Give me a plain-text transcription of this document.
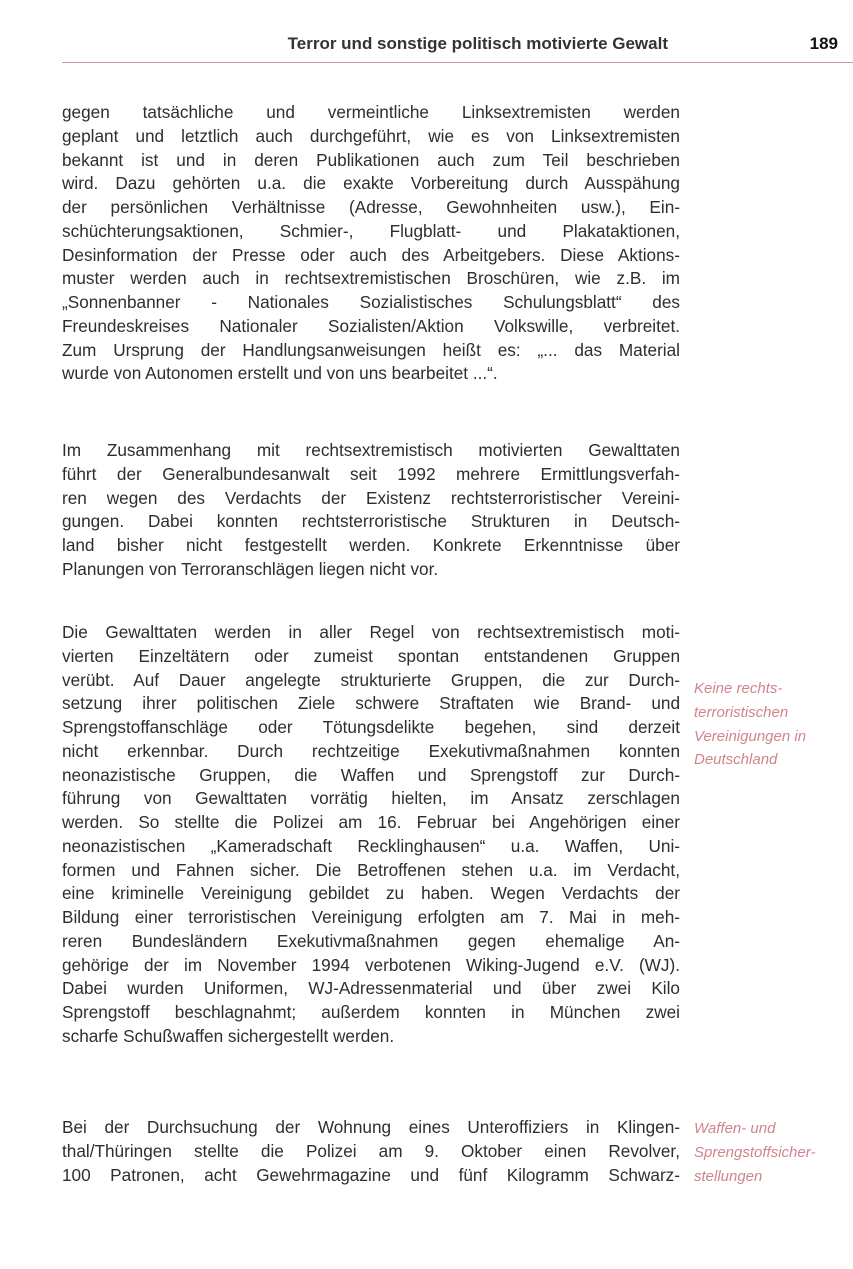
Terror und sonstige politisch motivierte Gewalt	189
gegen tatsächliche und vermeintliche Linksextremisten werden
geplant und letztlich auch durchgeführt, wie es von Linksextremisten
bekannt ist und in deren Publikationen auch zum Teil beschrieben
wird. Dazu gehörten u.a. die exakte Vorbereitung durch Ausspähung
der persönlichen Verhältnisse (Adresse, Gewohnheiten usw.), Ein-
schüchterungsaktionen, Schmier-, Flugblatt- und Plakataktionen,
Desinformation der Presse oder auch des Arbeitgebers. Diese Aktions-
muster werden auch in rechtsextremistischen Broschüren, wie z.B. im
„Sonnenbanner - Nationales Sozialistisches Schulungsblatt“ des
Freundeskreises Nationaler Sozialisten/Aktion Volkswille, verbreitet.
Zum Ursprung der Handlungsanweisungen heißt es: „... das Material
wurde von Autonomen erstellt und von uns bearbeitet ...“.
Im Zusammenhang mit rechtsextremistisch motivierten Gewalttaten
führt der Generalbundesanwalt seit 1992 mehrere Ermittlungsverfah-
ren wegen des Verdachts der Existenz rechtsterroristischer Vereini-
gungen. Dabei konnten rechtsterroristische Strukturen in Deutsch-
land bisher nicht festgestellt werden. Konkrete Erkenntnisse über
Planungen von Terroranschlägen liegen nicht vor.
Die Gewalttaten werden in aller Regel von rechtsextremistisch moti-
vierten Einzeltätern oder zumeist spontan entstandenen Gruppen
verübt. Auf Dauer angelegte strukturierte Gruppen, die zur Durch-
setzung ihrer politischen Ziele schwere Straftaten wie Brand- und
Sprengstoffanschläge oder Tötungsdelikte begehen, sind derzeit
nicht erkennbar. Durch rechtzeitige Exekutivmaßnahmen konnten
neonazistische Gruppen, die Waffen und Sprengstoff zur Durch-
führung von Gewalttaten vorrätig hielten, im Ansatz zerschlagen
werden. So stellte die Polizei am 16. Februar bei Angehörigen einer
neonazistischen „Kameradschaft Recklinghausen“ u.a. Waffen, Uni-
formen und Fahnen sicher. Die Betroffenen stehen u.a. im Verdacht,
eine kriminelle Vereinigung gebildet zu haben. Wegen Verdachts der
Bildung einer terroristischen Vereinigung erfolgten am 7. Mai in meh-
reren Bundesländern Exekutivmaßnahmen gegen ehemalige An-
gehörige der im November 1994 verbotenen Wiking-Jugend e.V. (WJ).
Dabei wurden Uniformen, WJ-Adressenmaterial und über zwei Kilo
Sprengstoff beschlagnahmt; außerdem konnten in München zwei
scharfe Schußwaffen sichergestellt werden.
Bei der Durchsuchung der Wohnung eines Unteroffiziers in Klingen-
thal/Thüringen stellte die Polizei am 9. Oktober einen Revolver,
100 Patronen, acht Gewehrmagazine und fünf Kilogramm Schwarz-
Keine rechts-
terroristischen
Vereinigungen in
Deutschland
Waffen- und
Sprengstoffsicher-
stellungen
